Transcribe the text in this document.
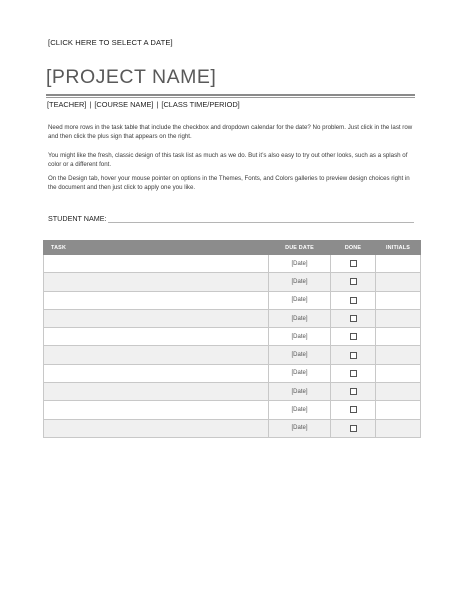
[CLICK HERE TO SELECT A DATE]
[PROJECT NAME]
[TEACHER] | [COURSE NAME] | [CLASS TIME/PERIOD]

Need more rows in the task table that include the checkbox and dropdown calendar for the date? No problem. Just click in the last row and then click the plus sign that appears on the right.

You might like the fresh, classic design of this task list as much as we do. But it’s also easy to try out other looks, such as a splash of color or a different font.

On the Design tab, hover your mouse pointer on options in the Themes, Fonts, and Colors galleries to preview design choices right in the document and then just click to apply one you like.

STUDENT NAME:
TASK	DUE DATE	DONE	INITIALS
	[Date]		
	[Date]		
	[Date]		
	[Date]		
	[Date]		
	[Date]		
	[Date]		
	[Date]		
	[Date]		
	[Date]		
